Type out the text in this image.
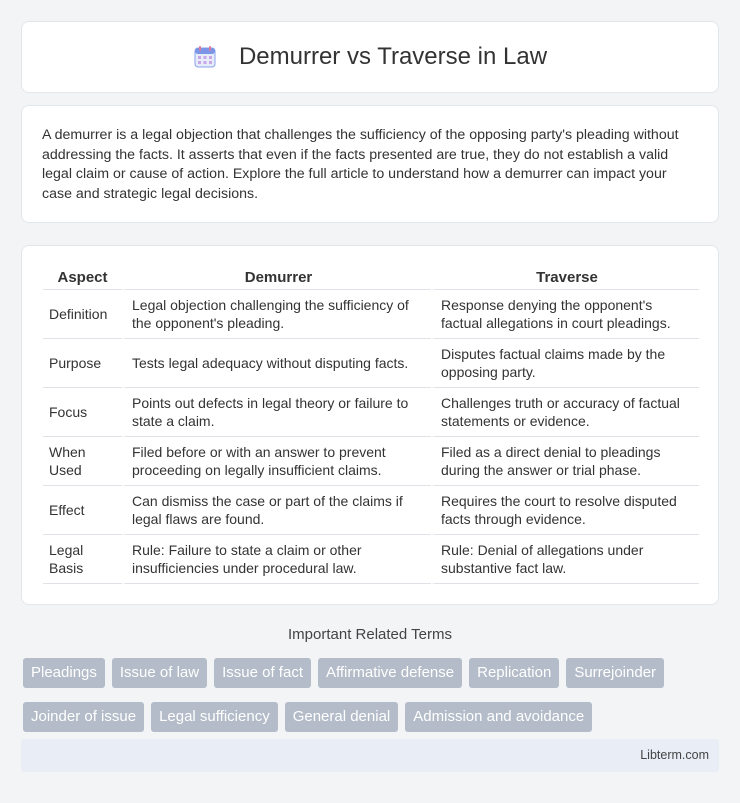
Demurrer vs Traverse in Law

A demurrer is a legal objection that challenges the sufficiency of the opposing party's pleading without addressing the facts. It asserts that even if the facts presented are true, they do not establish a valid legal claim or cause of action. Explore the full article to understand how a demurrer can impact your case and strategic legal decisions.

Aspect	Demurrer	Traverse
Definition	Legal objection challenging the sufficiency of the opponent's pleading.	Response denying the opponent's factual allegations in court pleadings.
Purpose	Tests legal adequacy without disputing facts.	Disputes factual claims made by the opposing party.
Focus	Points out defects in legal theory or failure to state a claim.	Challenges truth or accuracy of factual statements or evidence.
When Used	Filed before or with an answer to prevent proceeding on legally insufficient claims.	Filed as a direct denial to pleadings during the answer or trial phase.
Effect	Can dismiss the case or part of the claims if legal flaws are found.	Requires the court to resolve disputed facts through evidence.
Legal Basis	Rule: Failure to state a claim or other insufficiencies under procedural law.	Rule: Denial of allegations under substantive fact law.
Important Related Terms
Pleadings	Issue of law	Issue of fact	Affirmative defense	Replication	Surrejoinder
Joinder of issue	Legal sufficiency	General denial	Admission and avoidance
Libterm.com
